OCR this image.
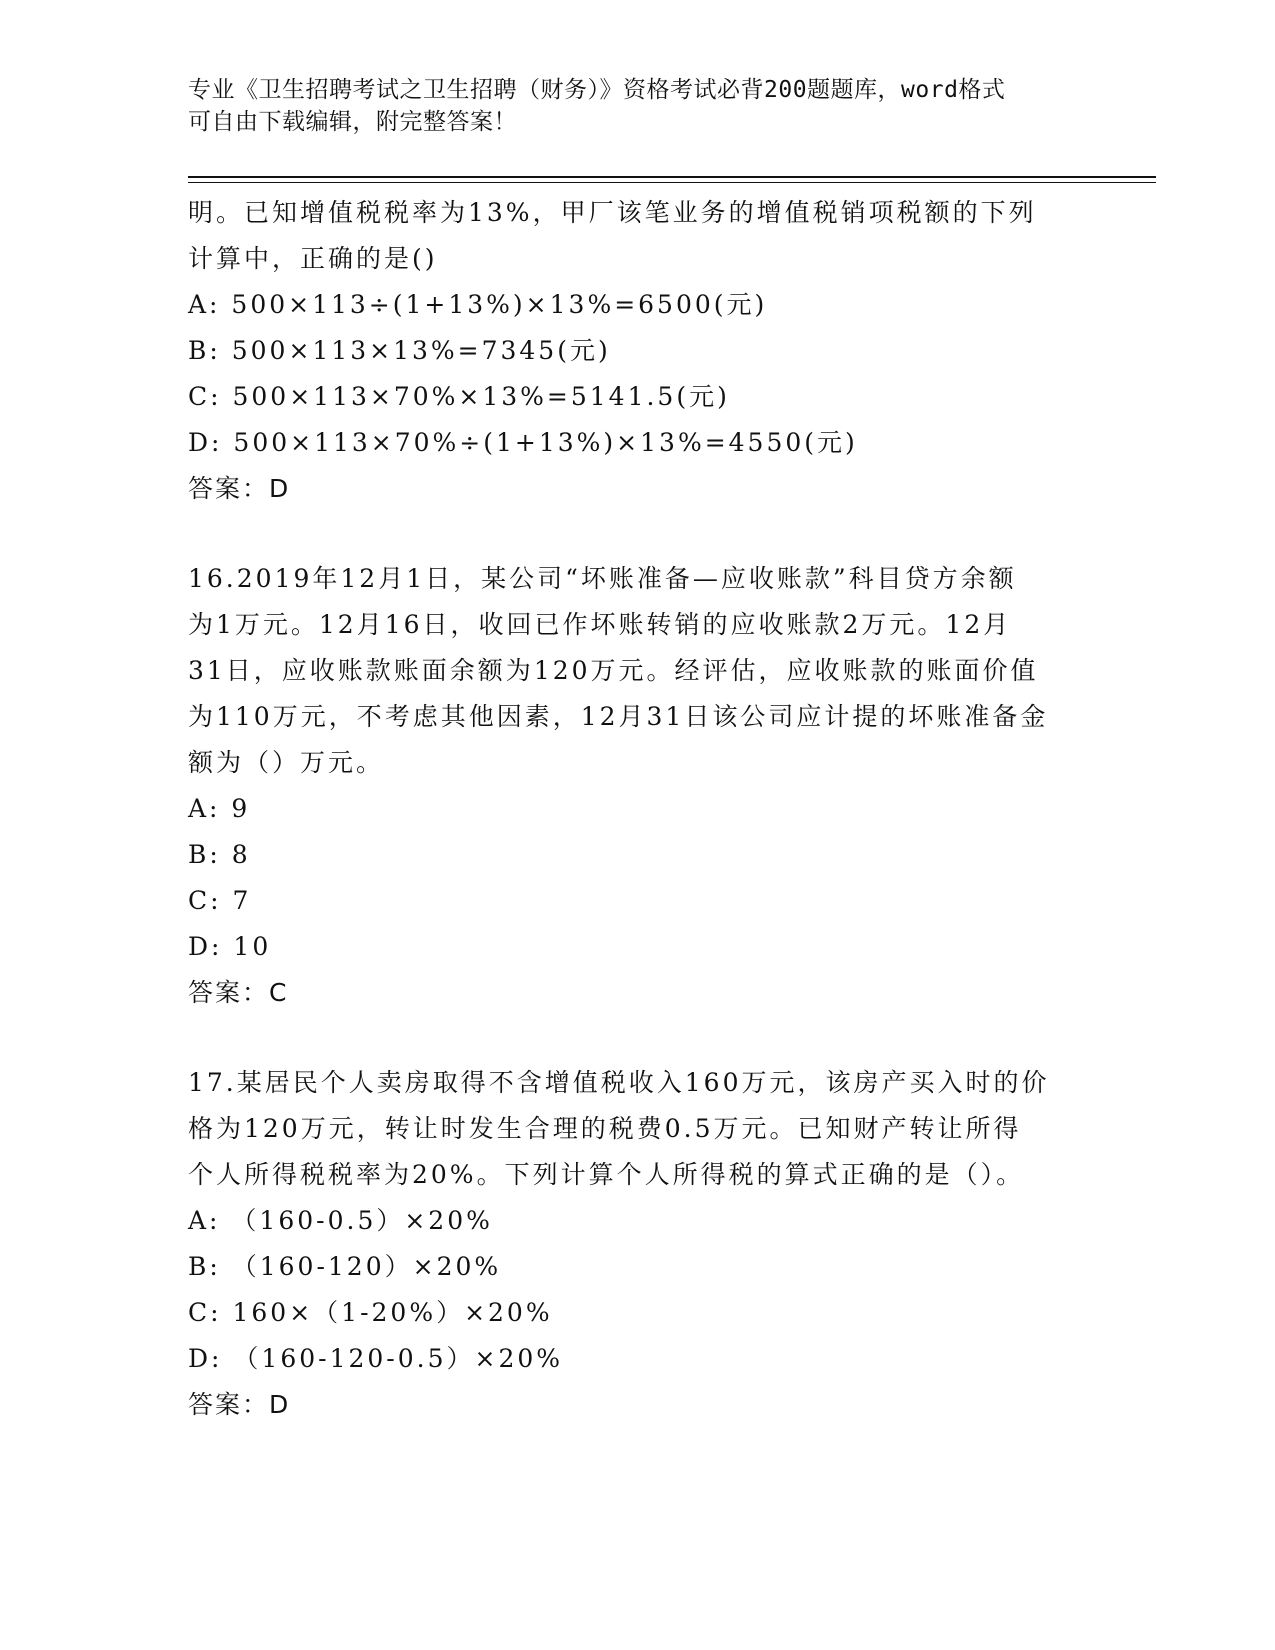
专业《卫生招聘考试之卫生招聘（财务）》资格考试必背200题题库，word格式
可自由下载编辑，附完整答案！
明。已知增值税税率为13%，甲厂该笔业务的增值税销项税额的下列
计算中，正确的是()
A: 500×113÷(1+13%)×13%=6500(元)
B: 500×113×13%=7345(元)
C: 500×113×70%×13%=5141.5(元)
D: 500×113×70%÷(1+13%)×13%=4550(元)
答案：D
16.2019年12月1日，某公司“坏账准备—应收账款”科目贷方余额
为1万元。12月16日，收回已作坏账转销的应收账款2万元。12月
31日，应收账款账面余额为120万元。经评估，应收账款的账面价值
为110万元，不考虑其他因素，12月31日该公司应计提的坏账准备金
额为（）万元。
A: 9
B: 8
C: 7
D: 10
答案：C
17.某居民个人卖房取得不含增值税收入160万元，该房产买入时的价
格为120万元，转让时发生合理的税费0.5万元。已知财产转让所得
个人所得税税率为20%。下列计算个人所得税的算式正确的是（）。
A: （160-0.5）×20%
B: （160-120）×20%
C: 160×（1-20%）×20%
D: （160-120-0.5）×20%
答案：D
